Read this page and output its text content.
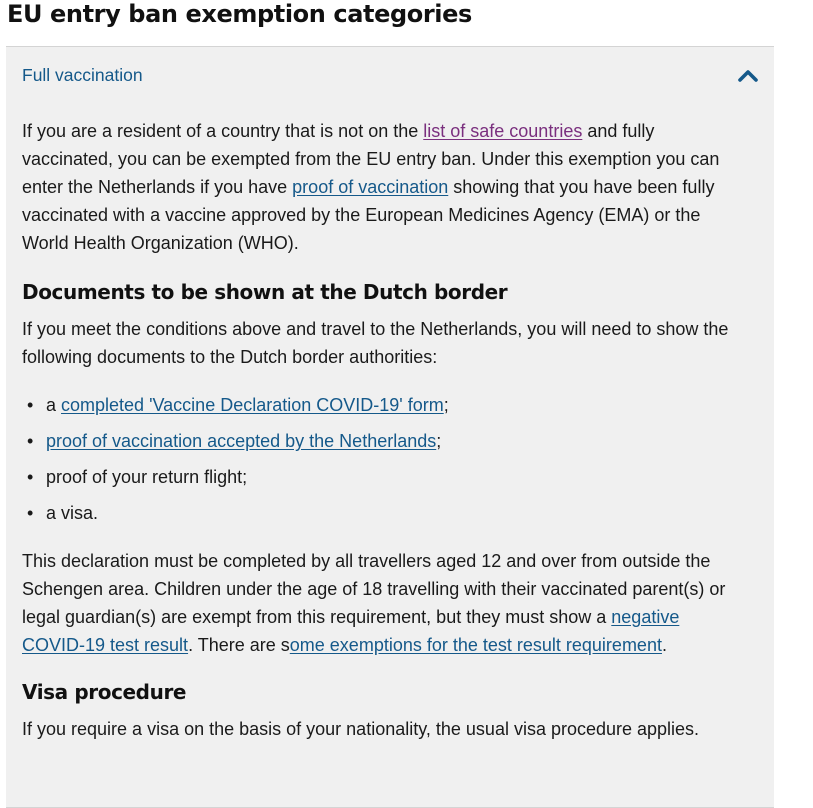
EU entry ban exemption categories
Full vaccination

If you are a resident of a country that is not on the list of safe countries and fully vaccinated, you can be exempted from the EU entry ban. Under this exemption you can enter the Netherlands if you have proof of vaccination showing that you have been fully vaccinated with a vaccine approved by the European Medicines Agency (EMA) or the World Health Organization (WHO).

Documents to be shown at the Dutch border

If you meet the conditions above and travel to the Netherlands, you will need to show the following documents to the Dutch border authorities:

• a completed 'Vaccine Declaration COVID-19' form;
• proof of vaccination accepted by the Netherlands;
• proof of your return flight;
• a visa.

This declaration must be completed by all travellers aged 12 and over from outside the Schengen area. Children under the age of 18 travelling with their vaccinated parent(s) or legal guardian(s) are exempt from this requirement, but they must show a negative COVID-19 test result. There are some exemptions for the test result requirement.

Visa procedure

If you require a visa on the basis of your nationality, the usual visa procedure applies.
